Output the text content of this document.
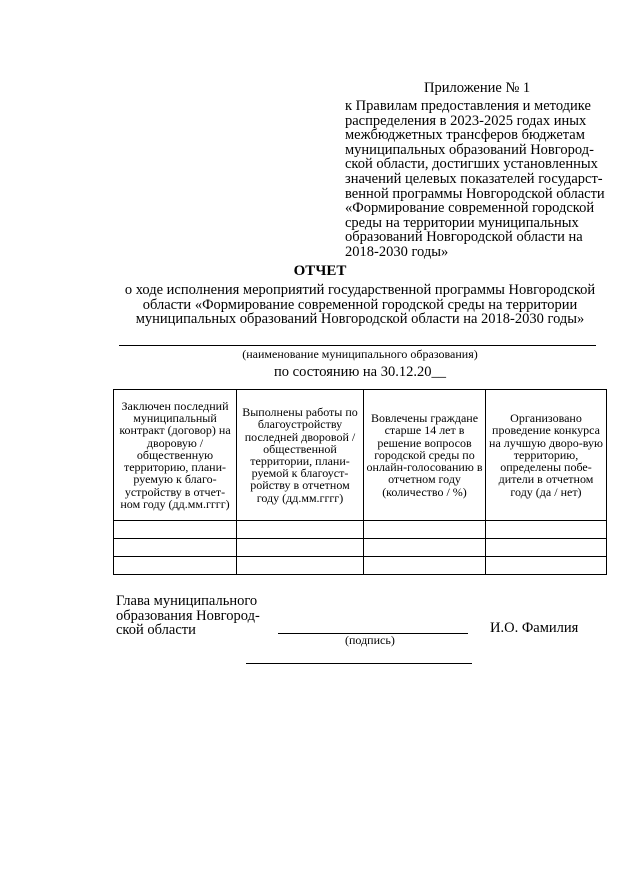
Приложение № 1
к Правилам предоставления и методике
распределения в 2023-2025 годах иных
межбюджетных трансферов бюджетам
муниципальных образований Новгород-
ской области, достигших установленных
значений целевых показателей государст-
венной программы Новгородской области
«Формирование современной городской
среды на территории муниципальных
образований Новгородской области на
2018-2030 годы»
ОТЧЕТ
о ходе исполнения мероприятий государственной программы Новгородской
области «Формирование современной городской среды на территории
муниципальных образований Новгородской области на 2018-2030 годы»
(наименование муниципального образования)
по состоянию на 30.12.20__
Заключен последний муниципальный контракт (договор) на дворовую / общественную территорию, плани-руемую к благо-устройству в отчет-ном году (дд.мм.гггг)	Выполнены работы по благоустройству последней дворовой / общественной территории, плани-руемой к благоуст-ройству в отчетном году (дд.мм.гггг)	Вовлечены граждане старше 14 лет в решение вопросов городской среды по онлайн-голосованию в отчетном году (количество / %)	Организовано проведение конкурса на лучшую дворо-вую территорию, определены побе-дители в отчетном году (да / нет)

Глава муниципального
образования Новгород-
ской области
(подпись)
И.О. Фамилия
